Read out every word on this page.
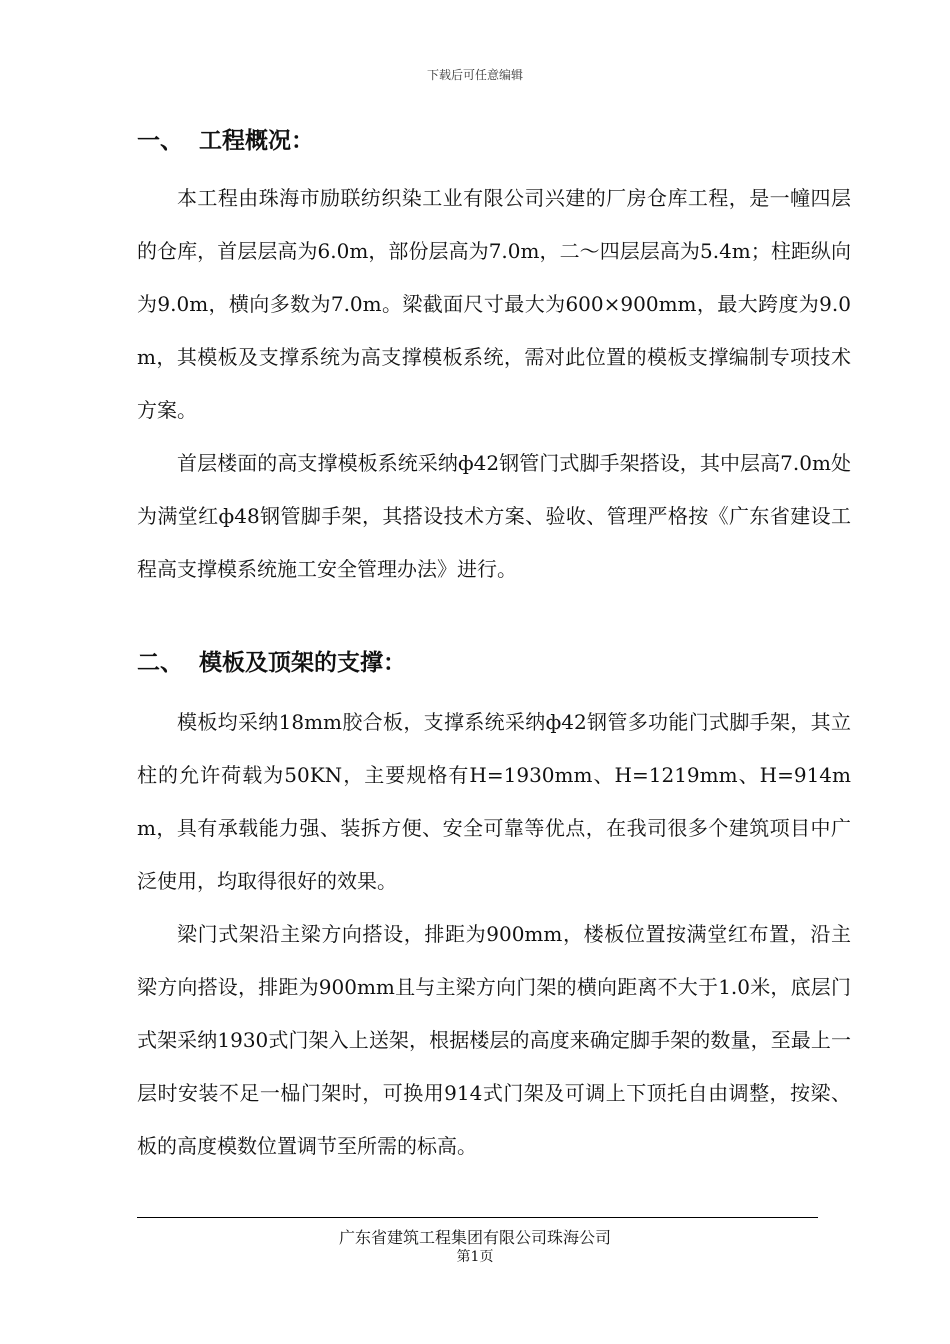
下载后可任意编辑
一、  工程概况：

本工程由珠海市励联纺织染工业有限公司兴建的厂房仓库工程，是一幢四层的仓库，首层层高为6.0m，部份层高为7.0m，二～四层层高为5.4m；柱距纵向为9.0m，横向多数为7.0m。梁截面尺寸最大为600×900mm，最大跨度为9.0m，其模板及支撑系统为高支撑模板系统，需对此位置的模板支撑编制专项技术方案。

首层楼面的高支撑模板系统采纳ф42钢管门式脚手架搭设，其中层高7.0m处为满堂红ф48钢管脚手架，其搭设技术方案、验收、管理严格按《广东省建设工程高支撑模系统施工安全管理办法》进行。

二、  模板及顶架的支撑：

模板均采纳18mm胶合板，支撑系统采纳ф42钢管多功能门式脚手架，其立柱的允许荷载为50KN，主要规格有H=1930mm、H=1219mm、H=914mm，具有承载能力强、装拆方便、安全可靠等优点，在我司很多个建筑项目中广泛使用，均取得很好的效果。

梁门式架沿主梁方向搭设，排距为900mm，楼板位置按满堂红布置，沿主梁方向搭设，排距为900mm且与主梁方向门架的横向距离不大于1.0米，底层门式架采纳1930式门架入上送架，根据楼层的高度来确定脚手架的数量，至最上一层时安装不足一榀门架时，可换用914式门架及可调上下顶托自由调整，按梁、板的高度模数位置调节至所需的标高。

广东省建筑工程集团有限公司珠海公司
第1页
